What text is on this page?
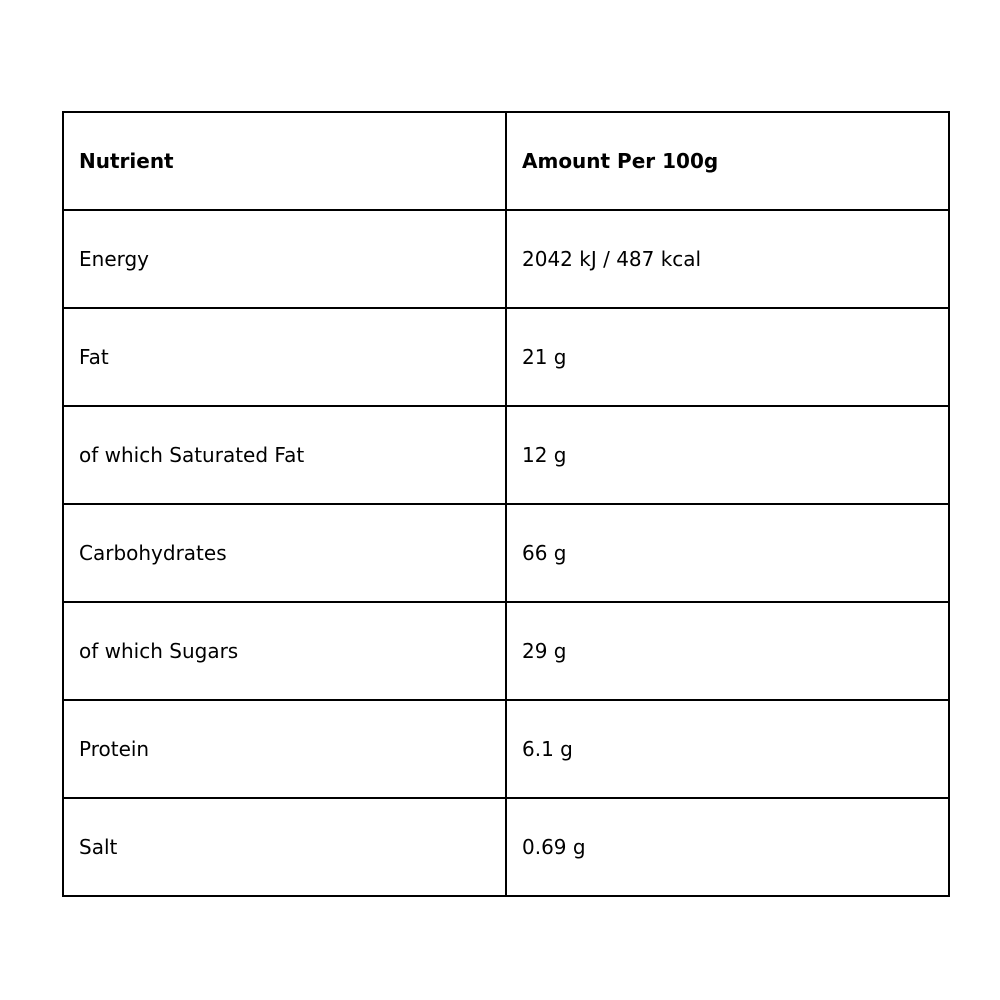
Nutrient	Amount Per 100g
Energy	2042 kJ / 487 kcal
Fat	21 g
of which Saturated Fat	12 g
Carbohydrates	66 g
of which Sugars	29 g
Protein	6.1 g
Salt	0.69 g
